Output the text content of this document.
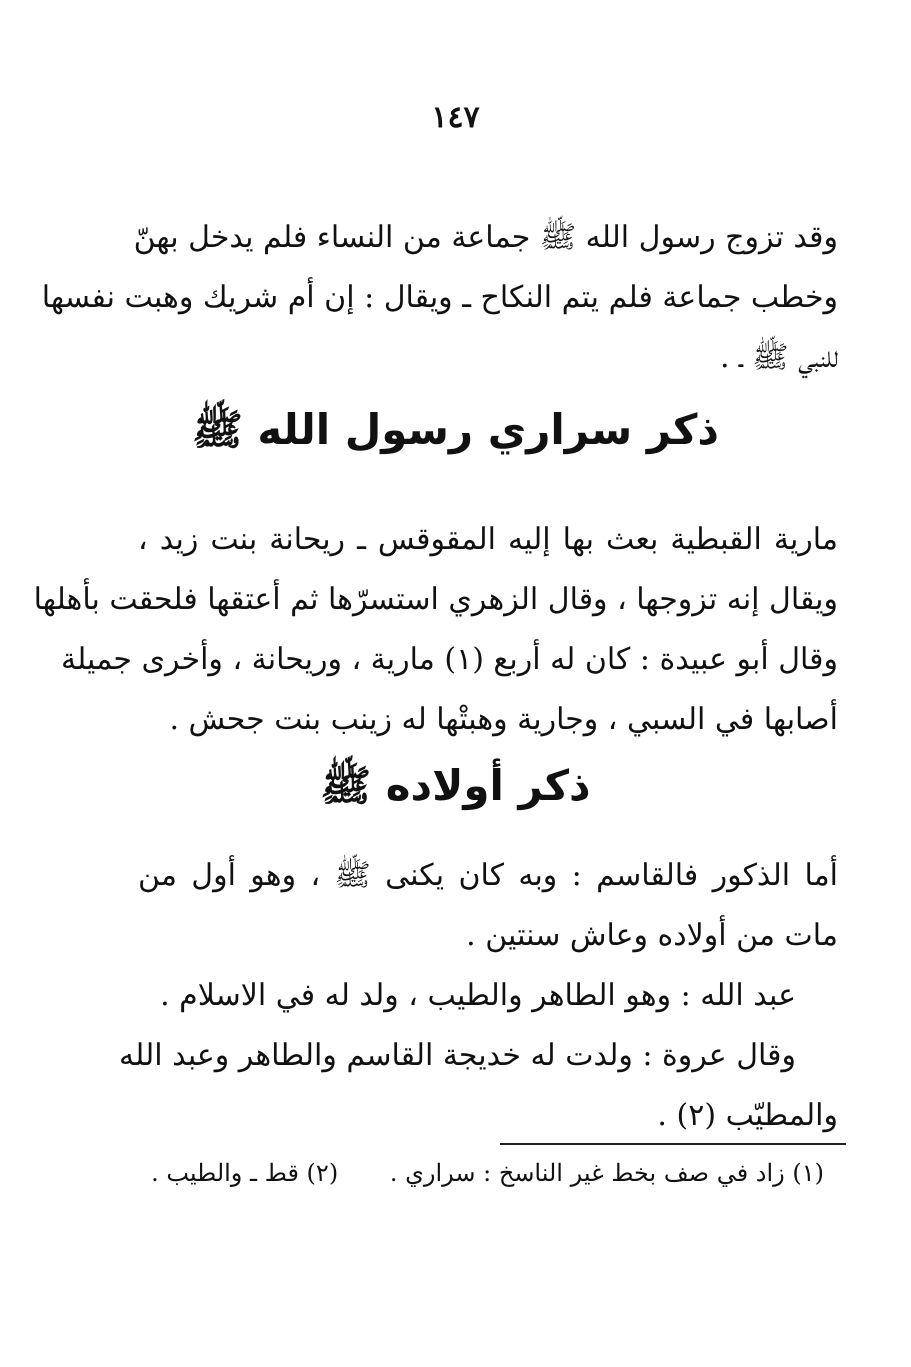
١٤٧
وقد تزوج رسول الله ﷺ جماعة من النساء فلم يدخل بهنّ
وخطب جماعة فلم يتم النكاح ـ ويقال : إن أم شريك وهبت نفسها
للنبي ﷺ ـ .
ذكر سراري رسول الله ﷺ
مارية القبطية بعث بها إليه المقوقس ـ ريحانة بنت زيد ،
ويقال إنه تزوجها ، وقال الزهري استسرّها ثم أعتقها فلحقت بأهلها
وقال أبو عبيدة : كان له أربع (١) مارية ، وريحانة ، وأخرى جميلة
أصابها في السبي ، وجارية وهبتْها له زينب بنت جحش .
ذكر أولاده ﷺ
أما الذكور فالقاسم : وبه كان يكنى ﷺ ، وهو أول من
مات من أولاده وعاش سنتين .
عبد الله : وهو الطاهر والطيب ، ولد له في الاسلام .
وقال عروة : ولدت له خديجة القاسم والطاهر وعبد الله
والمطيّب (٢) .
(١) زاد في صف بخط غير الناسخ : سراري . (٢) قط ـ والطيب .
